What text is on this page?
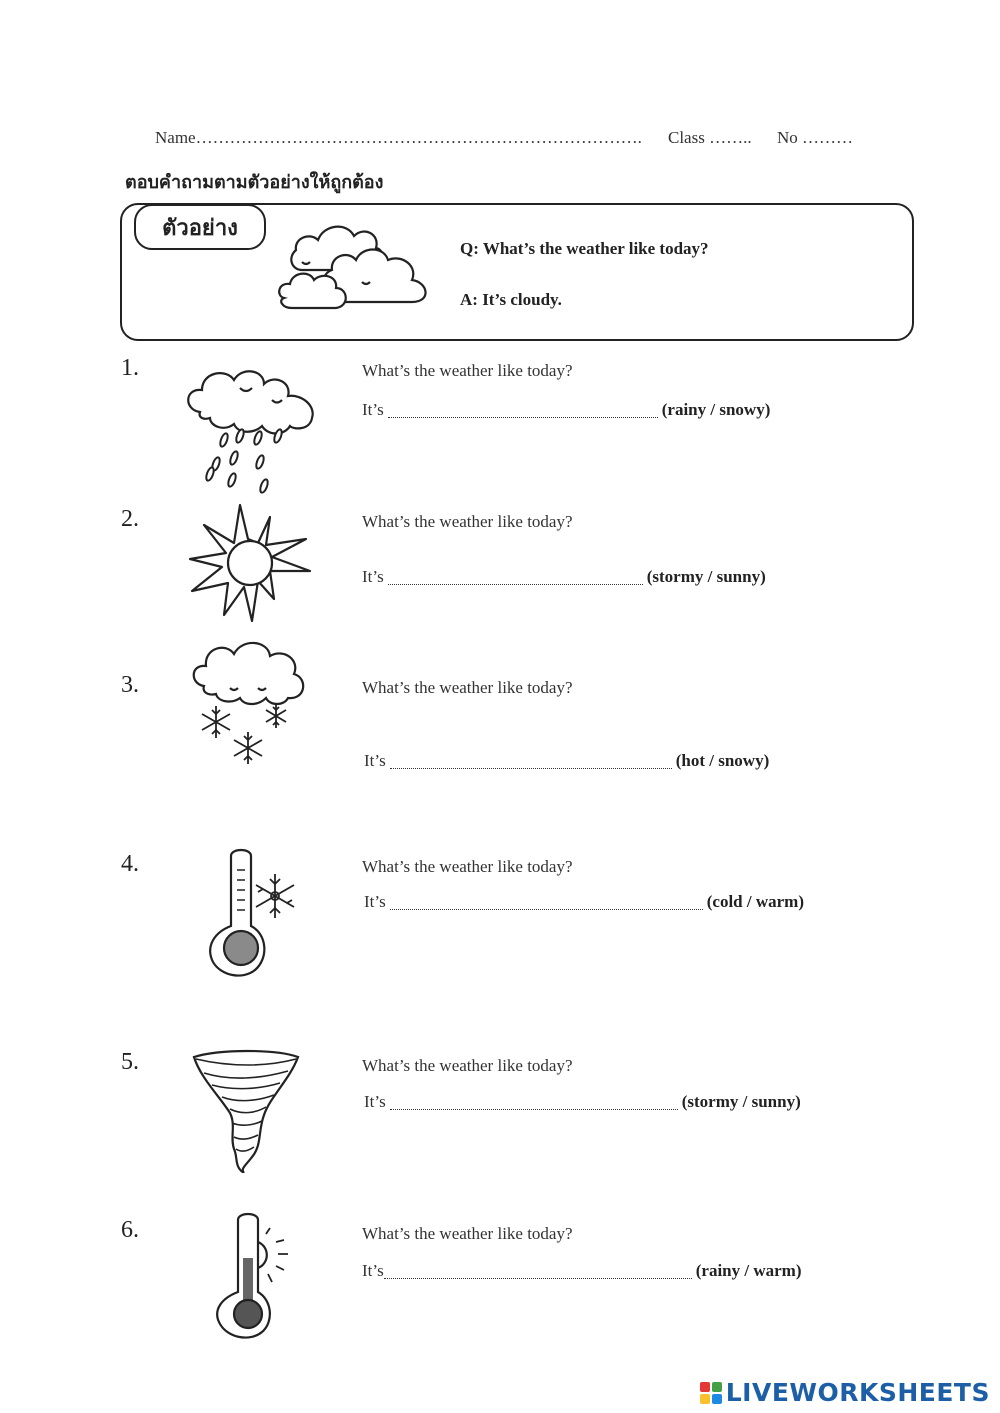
Name……………………………………………………………………. Class …….. No ………
ตอบคำถามตามตัวอย่างให้ถูกต้อง
ตัวอย่าง
Q: What’s the weather like today?
A: It’s cloudy.
1.	What’s the weather like today?
It’s	(rainy / snowy)
2.	What’s the weather like today?
It’s	(stormy / sunny)
3.	What’s the weather like today?
It’s	(hot / snowy)
4.	What’s the weather like today?
It’s	(cold / warm)
5.	What’s the weather like today?
It’s	(stormy / sunny)
6.	What’s the weather like today?
It’s	(rainy / warm)
LIVEWORKSHEETS
